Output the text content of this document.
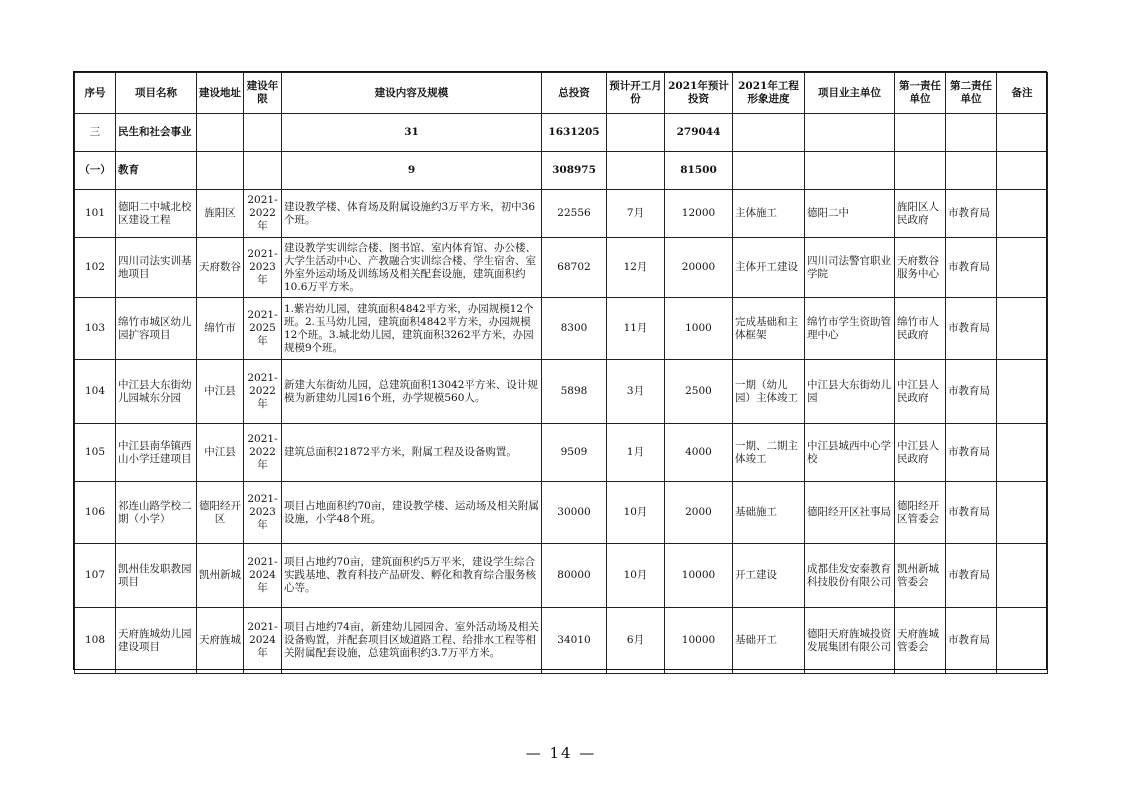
序号	项目名称	建设地址	建设年限	建设内容及规模	总投资	预计开工月份	2021年预计投资	2021年工程形象进度	项目业主单位	第一责任单位	第二责任单位	备注
三	民生和社会事业			31	1631205		279044					
（一）	教育			9	308975		81500					
101	德阳二中城北校区建设工程	旌阳区	2021-2022年	建设教学楼、体育场及附属设施约3万平方米，初中36个班。	22556	7月	12000	主体施工	德阳二中	旌阳区人民政府	市教育局	
102	四川司法实训基地项目	天府数谷	2021-2023年	建设教学实训综合楼、图书馆、室内体育馆、办公楼、大学生活动中心、产教融合实训综合楼、学生宿舍、室外室外运动场及训练场及相关配套设施，建筑面积约10.6万平方米。	68702	12月	20000	主体开工建设	四川司法警官职业学院	天府数谷服务中心	市教育局	
103	绵竹市城区幼儿园扩容项目	绵竹市	2021-2025年	1.紫岩幼儿园，建筑面积4842平方米，办园规模12个班。2.玉马幼儿园，建筑面积4842平方米，办园规模12个班。3.城北幼儿园，建筑面积3262平方米，办园规模9个班。	8300	11月	1000	完成基础和主体框架	绵竹市学生资助管理中心	绵竹市人民政府	市教育局	
104	中江县大东街幼儿园城东分园	中江县	2021-2022年	新建大东街幼儿园，总建筑面积13042平方米、设计规模为新建幼儿园16个班，办学规模560人。	5898	3月	2500	一期（幼儿园）主体竣工	中江县大东街幼儿园	中江县人民政府	市教育局	
105	中江县南华镇西山小学迁建项目	中江县	2021-2022年	建筑总面积21872平方米，附属工程及设备购置。	9509	1月	4000	一期、二期主体竣工	中江县城西中心学校	中江县人民政府	市教育局	
106	祁连山路学校二期（小学）	德阳经开区	2021-2023年	项目占地面积约70亩，建设教学楼、运动场及相关附属设施，小学48个班。	30000	10月	2000	基础施工	德阳经开区社事局	德阳经开区管委会	市教育局	
107	凯州佳发职教园项目	凯州新城	2021-2024年	项目占地约70亩，建筑面积约5万平米，建设学生综合实践基地、教育科技产品研发、孵化和教育综合服务核心等。	80000	10月	10000	开工建设	成都佳发安泰教育科技股份有限公司	凯州新城管委会	市教育局	
108	天府旌城幼儿园建设项目	天府旌城	2021-2024年	项目占地约74亩，新建幼儿园园舍、室外活动场及相关设备购置，并配套项目区域道路工程、给排水工程等相关附属配套设施，总建筑面积约3.7万平方米。	34010	6月	10000	基础开工	德阳天府旌城投资发展集团有限公司	天府旌城管委会	市教育局	
— 14 —
